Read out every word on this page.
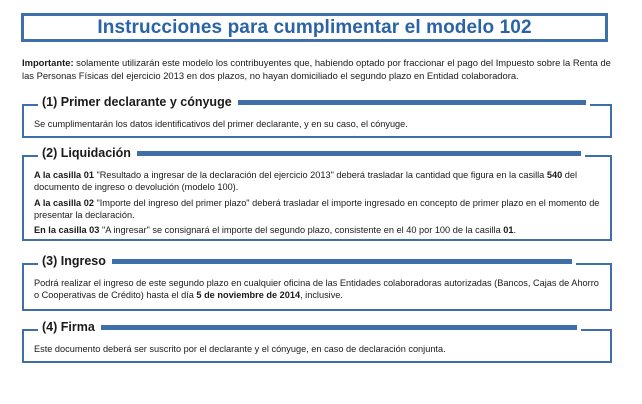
Instrucciones para cumplimentar el modelo 102
Importante: solamente utilizarán este modelo los contribuyentes que, habiendo optado por fraccionar el pago del Impuesto sobre la Renta de las Personas Físicas del ejercicio 2013 en dos plazos, no hayan domiciliado el segundo plazo en Entidad colaboradora.
(1) Primer declarante y cónyuge

Se cumplimentarán los datos identificativos del primer declarante, y en su caso, el cónyuge.

(2) Liquidación

A la casilla 01 "Resultado a ingresar de la declaración del ejercicio 2013" deberá trasladar la cantidad que figura en la casilla 540 del documento de ingreso o devolución (modelo 100).

A la casilla 02 "Importe del ingreso del primer plazo" deberá trasladar el importe ingresado en concepto de primer plazo en el momento de presentar la declaración.

En la casilla 03 "A ingresar" se consignará el importe del segundo plazo, consistente en el 40 por 100 de la casilla 01.

(3) Ingreso

Podrá realizar el ingreso de este segundo plazo en cualquier oficina de las Entidades colaboradoras autorizadas (Bancos, Cajas de Ahorro o Cooperativas de Crédito) hasta el día 5 de noviembre de 2014, inclusive.

(4) Firma

Este documento deberá ser suscrito por el declarante y el cónyuge, en caso de declaración conjunta.
